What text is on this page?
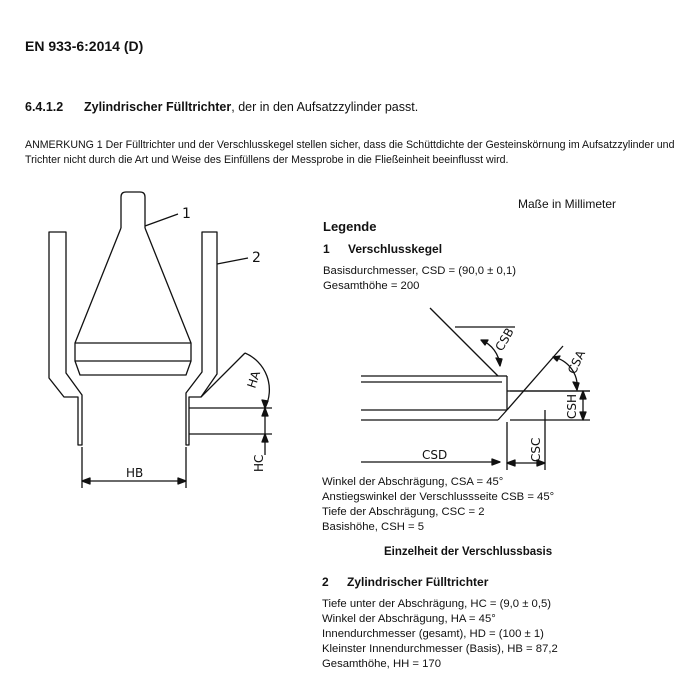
EN 933-6:2014 (D)
6.4.1.2 Zylindrischer Fülltrichter, der in den Aufsatzzylinder passt.
ANMERKUNG 1 Der Fülltrichter und der Verschlusskegel stellen sicher, dass die Schüttdichte der Gesteinskörnung im Aufsatzzylinder und Trichter nicht durch die Art und Weise des Einfüllens der Messprobe in die Fließeinheit beeinflusst wird.
Maße in Millimeter
Legende
1 Verschlusskegel
Basisdurchmesser, CSD = (90,0 ± 0,1)
Gesamthöhe = 200
Winkel der Abschrägung, CSA = 45°
Anstiegswinkel der Verschlussseite CSB = 45°
Tiefe der Abschrägung, CSC = 2
Basishöhe, CSH = 5
Einzelheit der Verschlussbasis
2 Zylindrischer Fülltrichter
Tiefe unter der Abschrägung, HC = (9,0 ± 0,5)
Winkel der Abschrägung, HA = 45°
Innendurchmesser (gesamt), HD = (100 ± 1)
Kleinster Innendurchmesser (Basis), HB = 87,2
Gesamthöhe, HH = 170
1
2
HB
HA
HC	CSD
CSB
CSA
CSH
CSC
